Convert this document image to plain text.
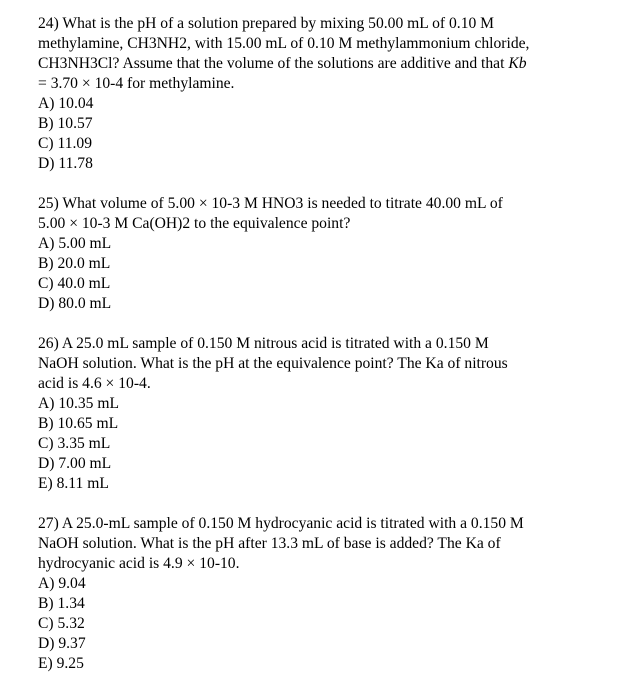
24) What is the pH of a solution prepared by mixing 50.00 mL of 0.10 M
methylamine, CH3NH2, with 15.00 mL of 0.10 M methylammonium chloride,
CH3NH3Cl? Assume that the volume of the solutions are additive and that Kb
= 3.70 × 10-4 for methylamine.

A) 10.04
B) 10.57
C) 11.09
D) 11.78

25) What volume of 5.00 × 10-3 M HNO3 is needed to titrate 40.00 mL of
5.00 × 10-3 M Ca(OH)2 to the equivalence point?

A) 5.00 mL
B) 20.0 mL
C) 40.0 mL
D) 80.0 mL

26) A 25.0 mL sample of 0.150 M nitrous acid is titrated with a 0.150 M
NaOH solution. What is the pH at the equivalence point? The Ka of nitrous
acid is 4.6 × 10-4.

A) 10.35 mL
B) 10.65 mL
C) 3.35 mL
D) 7.00 mL
E) 8.11 mL

27) A 25.0-mL sample of 0.150 M hydrocyanic acid is titrated with a 0.150 M
NaOH solution. What is the pH after 13.3 mL of base is added? The Ka of
hydrocyanic acid is 4.9 × 10-10.

A) 9.04
B) 1.34
C) 5.32
D) 9.37
E) 9.25
